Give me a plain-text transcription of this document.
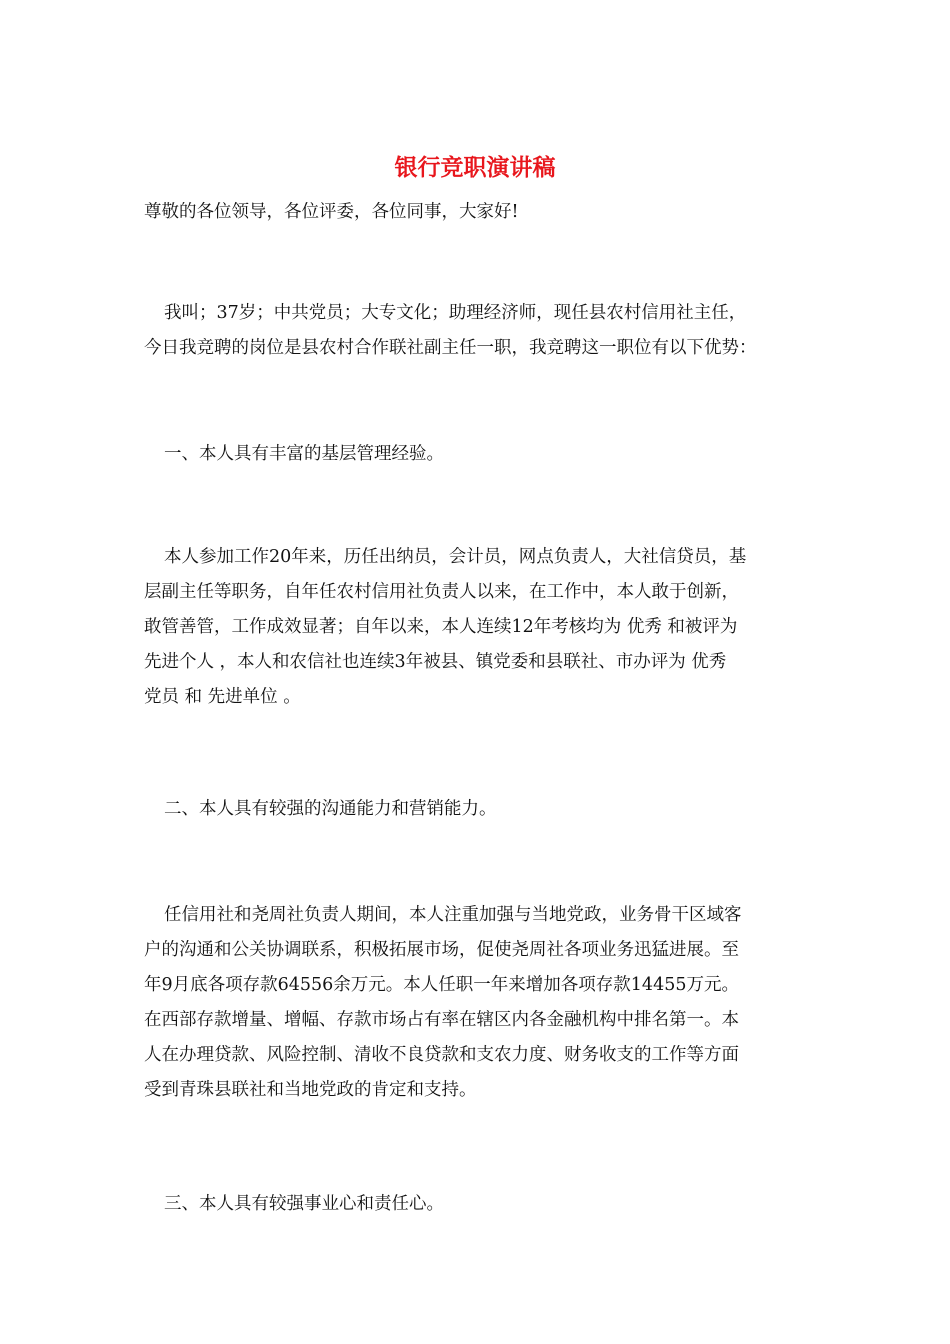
银行竞职演讲稿
尊敬的各位领导，各位评委，各位同事，大家好!
我叫；37岁；中共党员；大专文化；助理经济师，现任县农村信用社主任，
今日我竞聘的岗位是县农村合作联社副主任一职，我竞聘这一职位有以下优势：
一、本人具有丰富的基层管理经验。
本人参加工作20年来，历任出纳员，会计员，网点负责人，大社信贷员，基
层副主任等职务，自年任农村信用社负责人以来，在工作中，本人敢于创新，
敢管善管，工作成效显著；自年以来，本人连续12年考核均为 优秀 和被评为
先进个人 ，本人和农信社也连续3年被县、镇党委和县联社、市办评为 优秀
党员 和 先进单位 。
二、本人具有较强的沟通能力和营销能力。
任信用社和尧周社负责人期间，本人注重加强与当地党政，业务骨干区域客
户的沟通和公关协调联系，积极拓展市场，促使尧周社各项业务迅猛进展。至
年9月底各项存款64556余万元。本人任职一年来增加各项存款14455万元。
在西部存款增量、增幅、存款市场占有率在辖区内各金融机构中排名第一。本
人在办理贷款、风险控制、清收不良贷款和支农力度、财务收支的工作等方面
受到青珠县联社和当地党政的肯定和支持。
三、本人具有较强事业心和责任心。
